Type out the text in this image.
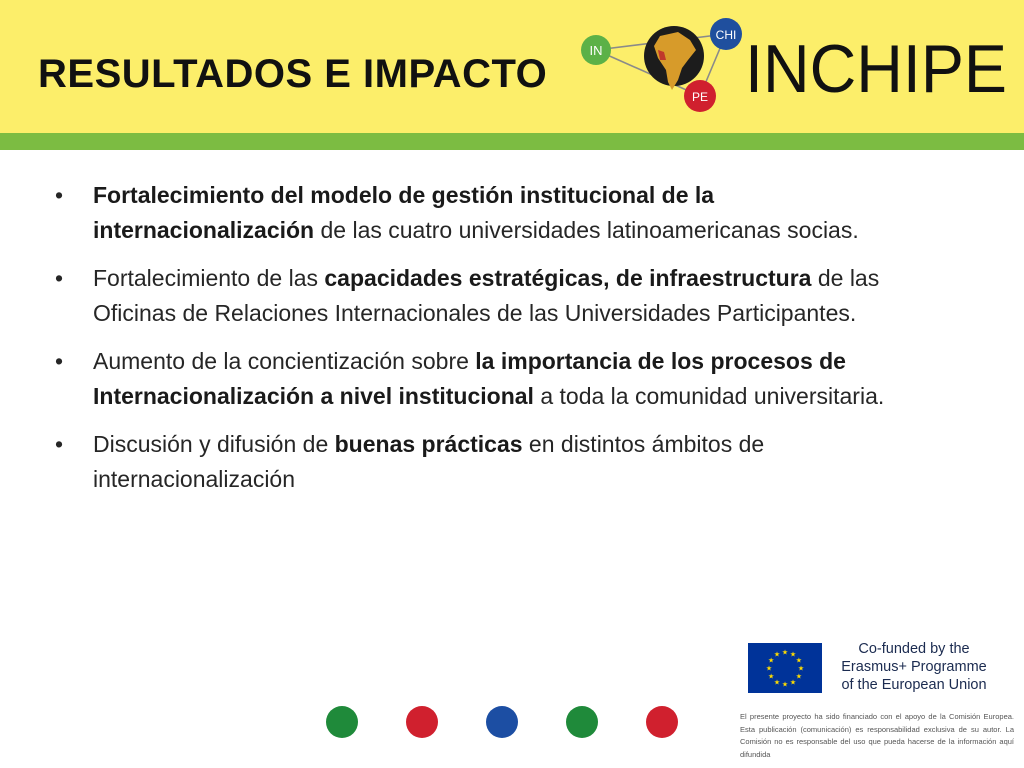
RESULTADOS E IMPACTO
IN
CHI
PE INCHIPE
• Fortalecimiento del modelo de gestión institucional de la internacionalización de las cuatro universidades latinoamericanas socias.
• Fortalecimiento de las capacidades estratégicas, de infraestructura de las Oficinas de Relaciones Internacionales de las Universidades Participantes.
• Aumento de la concientización sobre la importancia de los procesos de Internacionalización a nivel institucional a toda la comunidad universitaria.
• Discusión y difusión de buenas prácticas en distintos ámbitos de internacionalización
★
★
★
★
★
★
★
★
★ ★ ★
★
Co-funded by the
Erasmus+ Programme
of the European Union
El presente proyecto ha sido financiado con el apoyo de la Comisión Europea. Esta publicación (comunicación) es responsabilidad exclusiva de su autor. La Comisión no es responsable del uso que pueda hacerse de la información aquí difundida
